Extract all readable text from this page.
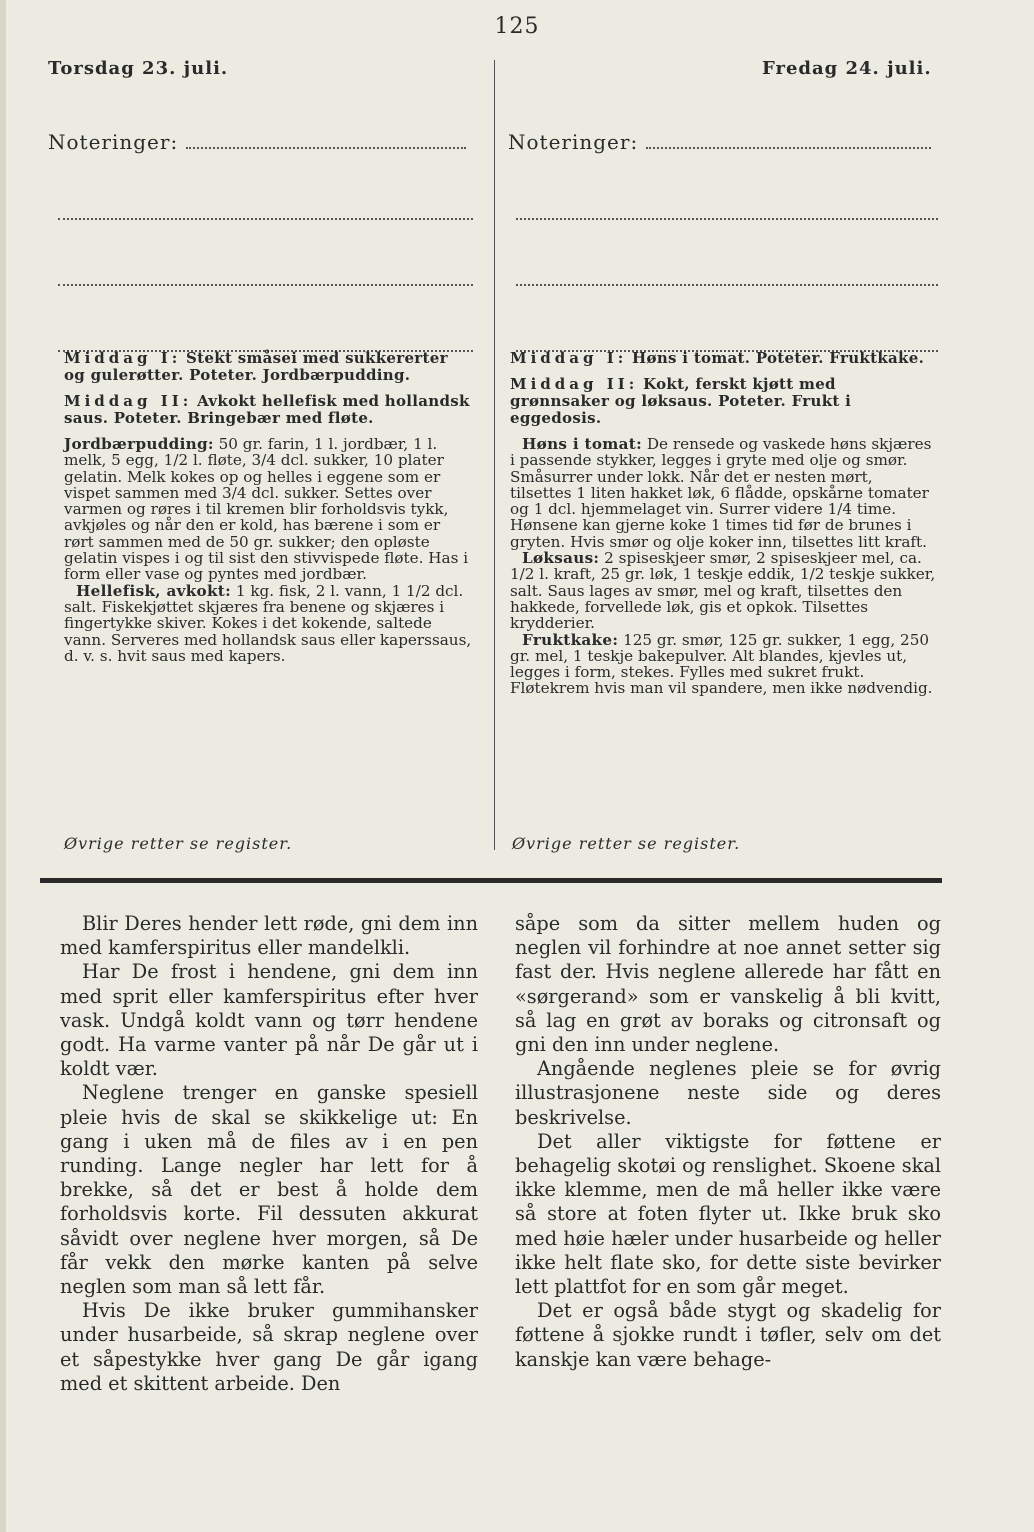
125
Torsdag 23. juli.	Fredag 24. juli.
Noteringer:	Noteringer:

Middag I: Stekt småsei med sukkererter og gulerøtter. Poteter. Jordbærpudding.

Middag II: Avkokt hellefisk med hollandsk saus. Poteter. Bringebær med fløte.

Jordbærpudding: 50 gr. farin, 1 l. jordbær, 1 l. melk, 5 egg, 1/2 l. fløte, 3/4 dcl. sukker, 10 plater gelatin. Melk kokes op og helles i eggene som er vispet sammen med 3/4 dcl. sukker. Settes over varmen og røres i til kremen blir forholdsvis tykk, avkjøles og når den er kold, has bærene i som er rørt sammen med de 50 gr. sukker; den opløste gelatin vispes i og til sist den stivvispede fløte. Has i form eller vase og pyntes med jordbær.

Hellefisk, avkokt: 1 kg. fisk, 2 l. vann, 1 1/2 dcl. salt. Fiskekjøttet skjæres fra benene og skjæres i fingertykke skiver. Kokes i det kokende, saltede vann. Serveres med hollandsk saus eller kaperssaus, d. v. s. hvit saus med kapers.

Middag I: Høns i tomat. Poteter. Fruktkake.

Middag II: Kokt, ferskt kjøtt med grønnsaker og løksaus. Poteter. Frukt i eggedosis.

Høns i tomat: De rensede og vaskede høns skjæres i passende stykker, legges i gryte med olje og smør. Småsurrer under lokk. Når det er nesten mørt, tilsettes 1 liten hakket løk, 6 flådde, opskårne tomater og 1 dcl. hjemmelaget vin. Surrer videre 1/4 time. Hønsene kan gjerne koke 1 times tid før de brunes i gryten. Hvis smør og olje koker inn, tilsettes litt kraft.

Løksaus: 2 spiseskjeer smør, 2 spiseskjeer mel, ca. 1/2 l. kraft, 25 gr. løk, 1 teskje eddik, 1/2 teskje sukker, salt. Saus lages av smør, mel og kraft, tilsettes den hakkede, forvellede løk, gis et opkok. Tilsettes krydderier.

Fruktkake: 125 gr. smør, 125 gr. sukker, 1 egg, 250 gr. mel, 1 teskje bakepulver. Alt blandes, kjevles ut, legges i form, stekes. Fylles med sukret frukt. Fløtekrem hvis man vil spandere, men ikke nødvendig.

Øvrige retter se register.	Øvrige retter se register.

Blir Deres hender lett røde, gni dem inn med kamferspiritus eller mandelkli.

Har De frost i hendene, gni dem inn med sprit eller kamferspiritus efter hver vask. Undgå koldt vann og tørr hendene godt. Ha varme vanter på når De går ut i koldt vær.

Neglene trenger en ganske spesiell pleie hvis de skal se skikkelige ut: En gang i uken må de files av i en pen runding. Lange negler har lett for å brekke, så det er best å holde dem forholdsvis korte. Fil dessuten akkurat såvidt over neglene hver morgen, så De får vekk den mørke kanten på selve neglen som man så lett får.

Hvis De ikke bruker gummihansker under husarbeide, så skrap neglene over et såpestykke hver gang De går igang med et skittent arbeide. Den

såpe som da sitter mellem huden og neglen vil forhindre at noe annet setter sig fast der. Hvis neglene allerede har fått en «sørgerand» som er vanskelig å bli kvitt, så lag en grøt av boraks og citronsaft og gni den inn under neglene.

Angående neglenes pleie se for øvrig illustrasjonene neste side og deres beskrivelse.

Det aller viktigste for føttene er behagelig skotøi og renslighet. Skoene skal ikke klemme, men de må heller ikke være så store at foten flyter ut. Ikke bruk sko med høie hæler under husarbeide og heller ikke helt flate sko, for dette siste bevirker lett plattfot for en som går meget.

Det er også både stygt og skadelig for føttene å sjokke rundt i tøfler, selv om det kanskje kan være behage-
